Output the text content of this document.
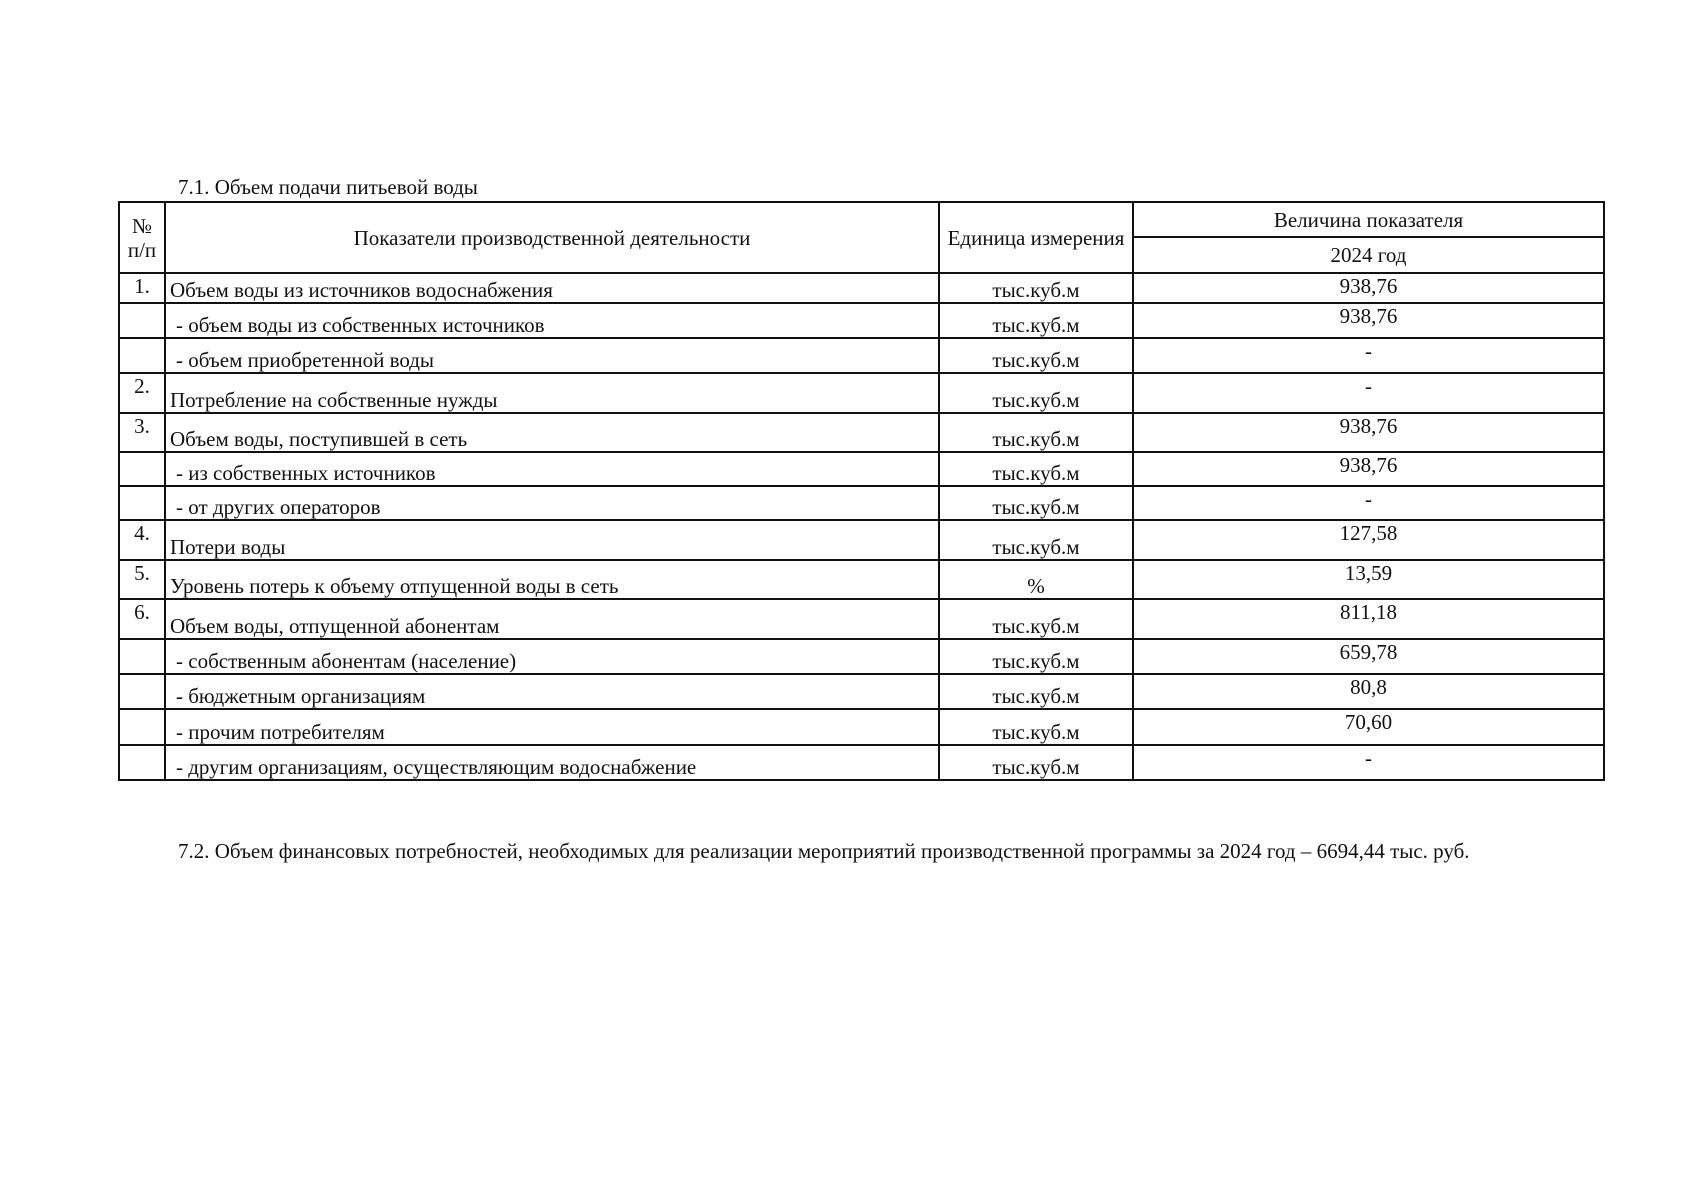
7.1. Объем подачи питьевой воды
№ п/п	Показатели производственной деятельности	Единица измерения	Величина показателя
			2024 год
1.	Объем воды из источников водоснабжения	тыс.куб.м	938,76
	- объем воды из собственных источников	тыс.куб.м	938,76
	- объем приобретенной воды	тыс.куб.м	-
2.	Потребление на собственные нужды	тыс.куб.м	-
3.	Объем воды, поступившей в сеть	тыс.куб.м	938,76
	- из собственных источников	тыс.куб.м	938,76
	- от других операторов	тыс.куб.м	-
4.	Потери воды	тыс.куб.м	127,58
5.	Уровень потерь к объему отпущенной воды в сеть	%	13,59
6.	Объем воды, отпущенной абонентам	тыс.куб.м	811,18
	- собственным абонентам (население)	тыс.куб.м	659,78
	- бюджетным организациям	тыс.куб.м	80,8
	- прочим потребителям	тыс.куб.м	70,60
	- другим организациям, осуществляющим водоснабжение	тыс.куб.м	-
7.2. Объем финансовых потребностей, необходимых для реализации мероприятий производственной программы за 2024 год – 6694,44 тыс. руб.
